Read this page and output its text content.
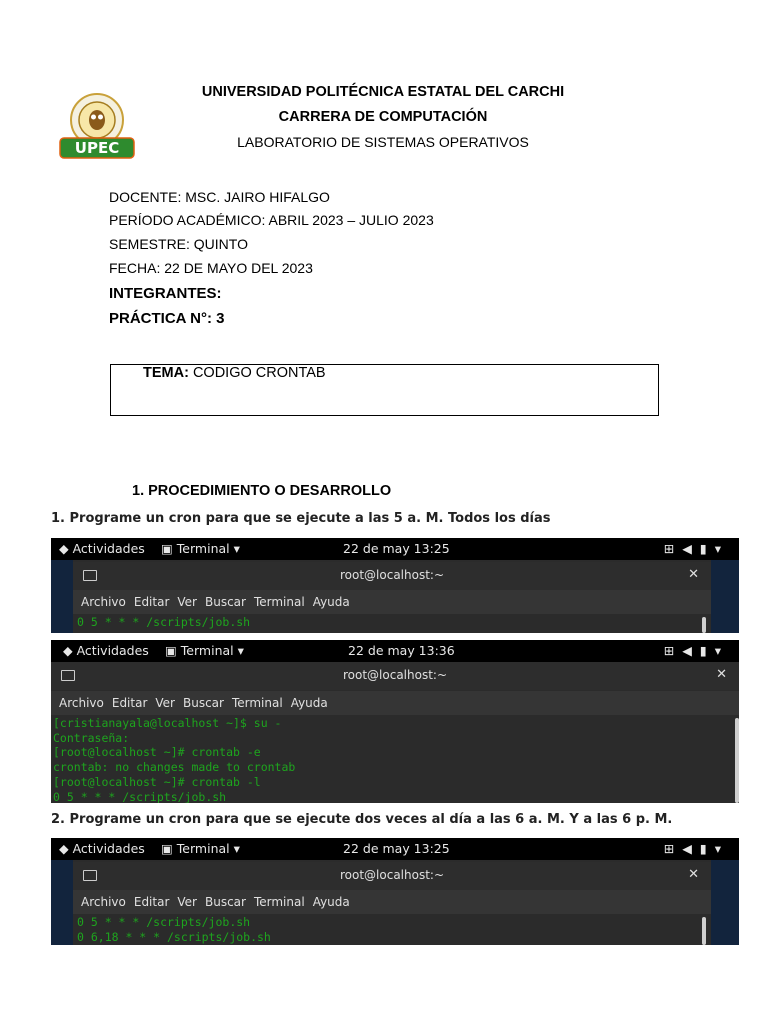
UPEC
UNIVERSIDAD POLITÉCNICA ESTATAL DEL CARCHI
CARRERA DE COMPUTACIÓN
LABORATORIO DE SISTEMAS OPERATIVOS
DOCENTE: MSC. JAIRO HIFALGO
PERÍODO ACADÉMICO: ABRIL 2023 – JULIO 2023
SEMESTRE: QUINTO
FECHA: 22 DE MAYO DEL 2023
INTEGRANTES:
PRÁCTICA N°: 3
TEMA: CODIGO CRONTAB
1. PROCEDIMIENTO O DESARROLLO
1. Programe un cron para que se ejecute a las 5 a. M. Todos los días
◆ Actividades ▣ Terminal ▾	22 de may 13:25	⊞◀▮▾
root@localhost:~	✕
Archivo Editar Ver Buscar Terminal Ayuda
0 5 * * * /scripts/job.sh
◆ Actividades ▣ Terminal ▾	22 de may 13:36	⊞◀▮▾
root@localhost:~	✕
Archivo Editar Ver Buscar Terminal Ayuda
[cristianayala@localhost ~]$ su -
Contraseña:
[root@localhost ~]# crontab -e
crontab: no changes made to crontab
[root@localhost ~]# crontab -l
0 5 * * * /scripts/job.sh
2. Programe un cron para que se ejecute dos veces al día a las 6 a. M. Y a las 6 p. M.
◆ Actividades ▣ Terminal ▾	22 de may 13:25	⊞◀▮▾
root@localhost:~	✕
Archivo Editar Ver Buscar Terminal Ayuda
0 5 * * * /scripts/job.sh
0 6,18 * * * /scripts/job.sh
